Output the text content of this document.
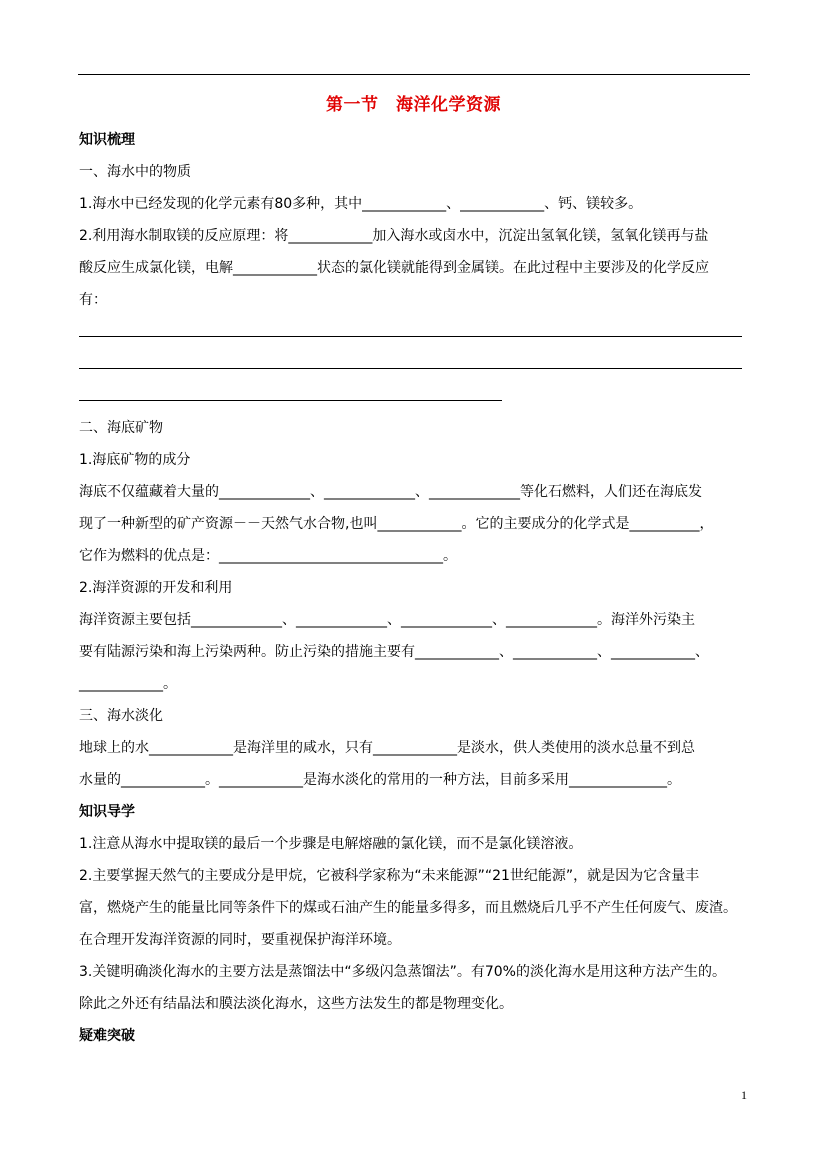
第一节　海洋化学资源

知识梳理

一、海水中的物质

1.海水中已经发现的化学元素有80多种，其中____________、____________、钙、镁较多。

2.利用海水制取镁的反应原理：将____________加入海水或卤水中，沉淀出氢氧化镁，氢氧化镁再与盐

酸反应生成氯化镁，电解____________状态的氯化镁就能得到金属镁。在此过程中主要涉及的化学反应

有：

二、海底矿物

1.海底矿物的成分

海底不仅蕴藏着大量的_____________、_____________、_____________等化石燃料，人们还在海底发

现了一种新型的矿产资源－－天然气水合物,也叫____________。它的主要成分的化学式是__________，

它作为燃料的优点是：________________________________。

2.海洋资源的开发和利用

海洋资源主要包括_____________、_____________、_____________、_____________。海洋外污染主

要有陆源污染和海上污染两种。防止污染的措施主要有____________、____________、____________、

____________。

三、海水淡化

地球上的水____________是海洋里的咸水，只有____________是淡水，供人类使用的淡水总量不到总

水量的____________。____________是海水淡化的常用的一种方法，目前多采用______________。

知识导学

1.注意从海水中提取镁的最后一个步骤是电解熔融的氯化镁，而不是氯化镁溶液。

2.主要掌握天然气的主要成分是甲烷，它被科学家称为“未来能源”“21世纪能源”，就是因为它含量丰

富，燃烧产生的能量比同等条件下的煤或石油产生的能量多得多，而且燃烧后几乎不产生任何废气、废渣。

在合理开发海洋资源的同时，要重视保护海洋环境。

3.关键明确淡化海水的主要方法是蒸馏法中“多级闪急蒸馏法”。有70%的淡化海水是用这种方法产生的。

除此之外还有结晶法和膜法淡化海水，这些方法发生的都是物理变化。

疑难突破

1
